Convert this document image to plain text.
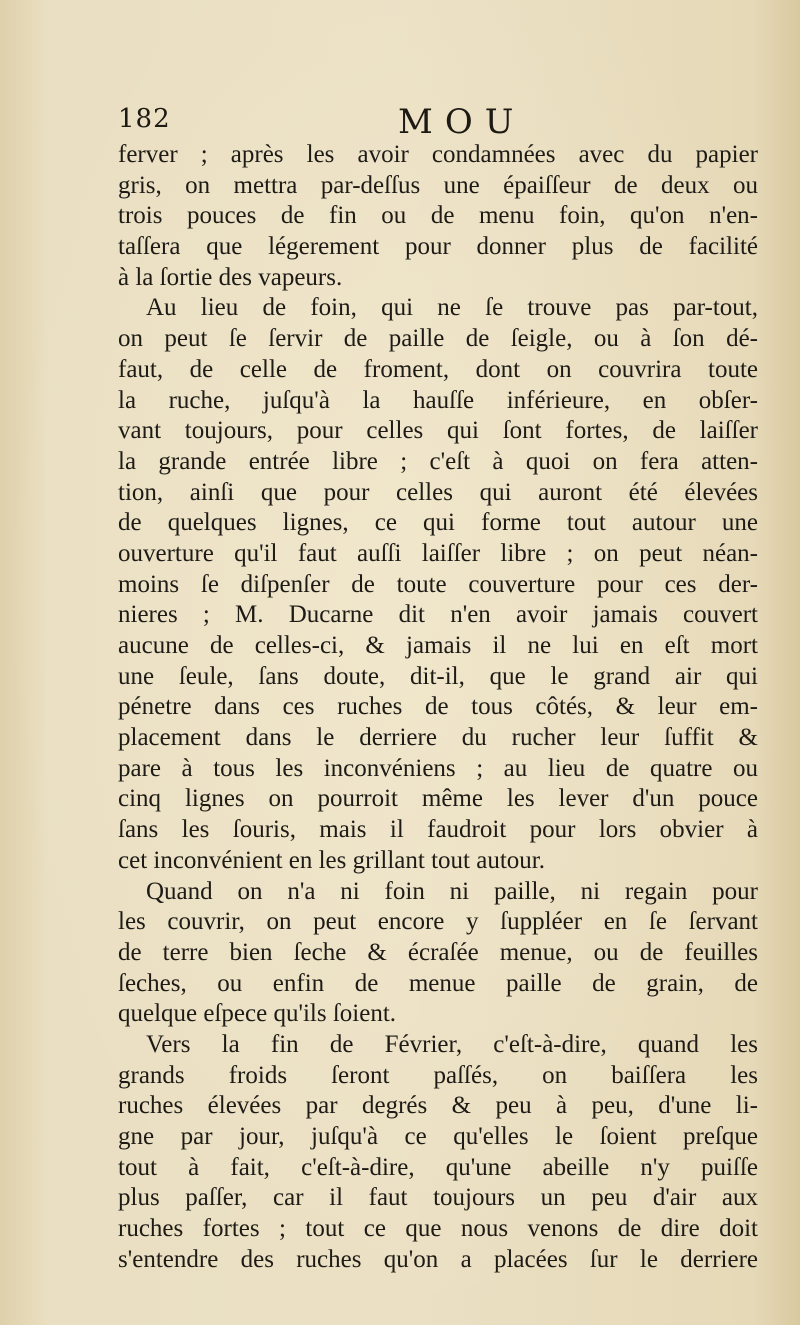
182	MOU
ferver ; après les avoir condamnées avec du papier
gris, on mettra par-deſſus une épaiſſeur de deux ou
trois pouces de fin ou de menu foin, qu'on n'en-
taſſera que légerement pour donner plus de facilité
à la ſortie des vapeurs.
Au lieu de foin, qui ne ſe trouve pas par-tout,
on peut ſe ſervir de paille de ſeigle, ou à ſon dé-
faut, de celle de froment, dont on couvrira toute
la ruche, juſqu'à la hauſſe inférieure, en obſer-
vant toujours, pour celles qui ſont fortes, de laiſſer
la grande entrée libre ; c'eſt à quoi on fera atten-
tion, ainſi que pour celles qui auront été élevées
de quelques lignes, ce qui forme tout autour une
ouverture qu'il faut auſſi laiſſer libre ; on peut néan-
moins ſe diſpenſer de toute couverture pour ces der-
nieres ; M. Ducarne dit n'en avoir jamais couvert
aucune de celles-ci, & jamais il ne lui en eſt mort
une ſeule, ſans doute, dit-il, que le grand air qui
pénetre dans ces ruches de tous côtés, & leur em-
placement dans le derriere du rucher leur ſuffit &
pare à tous les inconvéniens ; au lieu de quatre ou
cinq lignes on pourroit même les lever d'un pouce
ſans les ſouris, mais il faudroit pour lors obvier à
cet inconvénient en les grillant tout autour.
Quand on n'a ni foin ni paille, ni regain pour
les couvrir, on peut encore y ſuppléer en ſe ſervant
de terre bien ſeche & écraſée menue, ou de feuilles
ſeches, ou enfin de menue paille de grain, de
quelque eſpece qu'ils ſoient.
Vers la fin de Février, c'eſt-à-dire, quand les
grands froids ſeront paſſés, on baiſſera les
ruches élevées par degrés & peu à peu, d'une li-
gne par jour, juſqu'à ce qu'elles le ſoient preſque
tout à fait, c'eſt-à-dire, qu'une abeille n'y puiſſe
plus paſſer, car il faut toujours un peu d'air aux
ruches fortes ; tout ce que nous venons de dire doit
s'entendre des ruches qu'on a placées ſur le derriere
